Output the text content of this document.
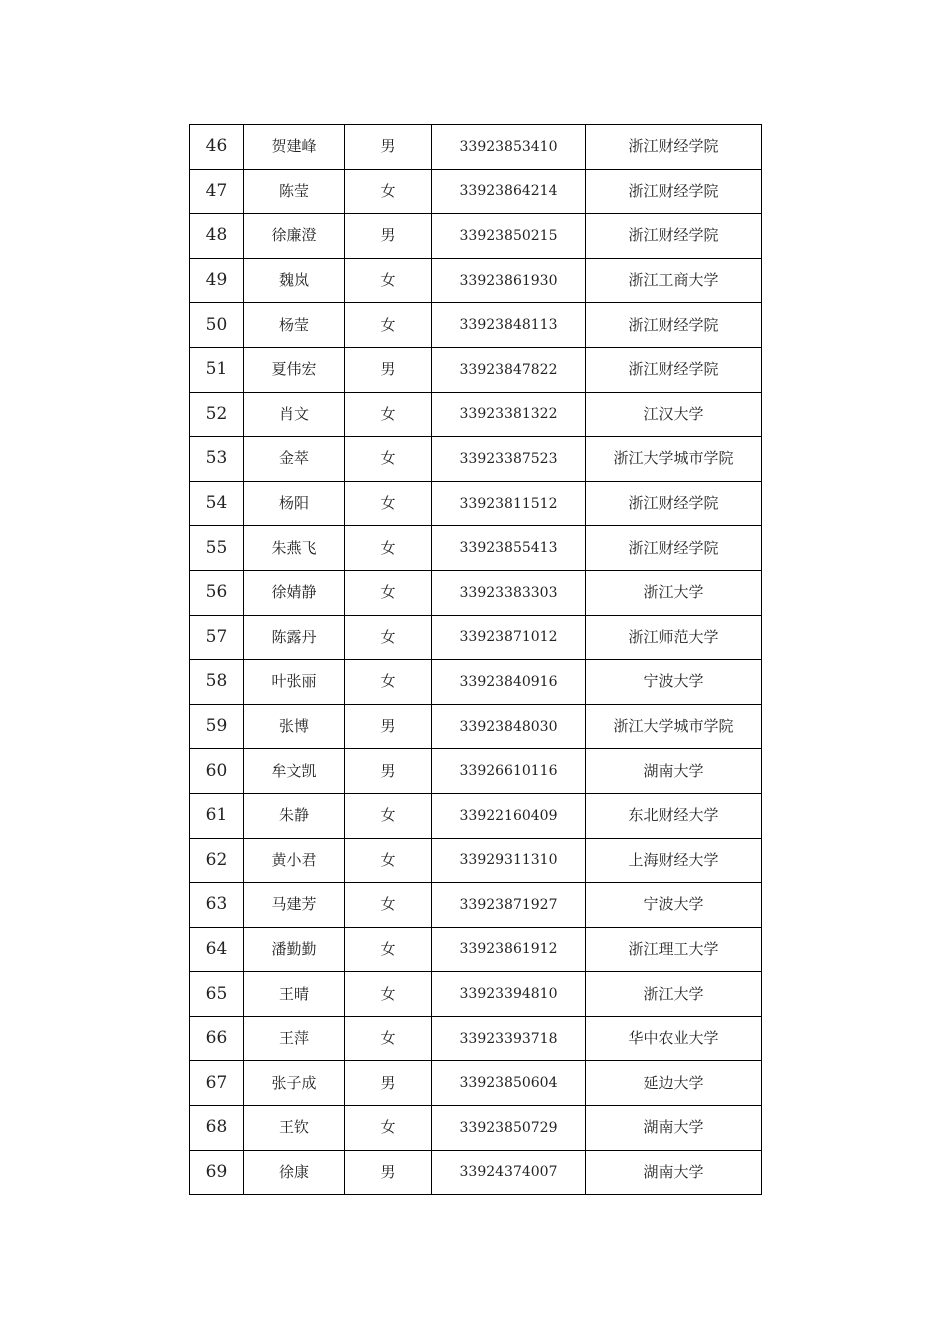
46	贺建峰	男	33923853410	浙江财经学院
47	陈莹	女	33923864214	浙江财经学院
48	徐廉澄	男	33923850215	浙江财经学院
49	魏岚	女	33923861930	浙江工商大学
50	杨莹	女	33923848113	浙江财经学院
51	夏伟宏	男	33923847822	浙江财经学院
52	肖文	女	33923381322	江汉大学
53	金萃	女	33923387523	浙江大学城市学院
54	杨阳	女	33923811512	浙江财经学院
55	朱燕飞	女	33923855413	浙江财经学院
56	徐婧静	女	33923383303	浙江大学
57	陈露丹	女	33923871012	浙江师范大学
58	叶张丽	女	33923840916	宁波大学
59	张博	男	33923848030	浙江大学城市学院
60	牟文凯	男	33926610116	湖南大学
61	朱静	女	33922160409	东北财经大学
62	黄小君	女	33929311310	上海财经大学
63	马建芳	女	33923871927	宁波大学
64	潘勤勤	女	33923861912	浙江理工大学
65	王晴	女	33923394810	浙江大学
66	王萍	女	33923393718	华中农业大学
67	张子成	男	33923850604	延边大学
68	王钦	女	33923850729	湖南大学
69	徐康	男	33924374007	湖南大学
